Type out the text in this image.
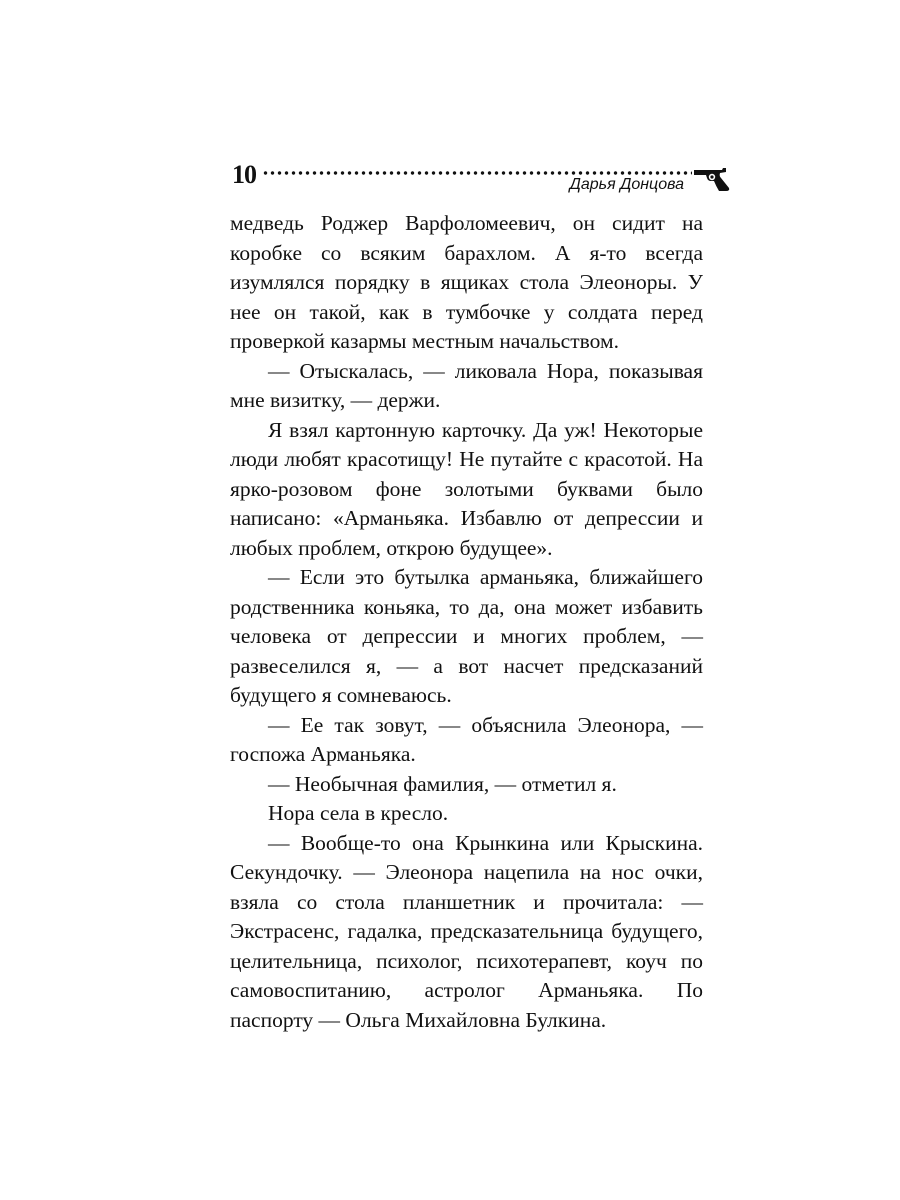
10	Дарья Донцова

медведь Роджер Варфоломеевич, он сидит на коробке со всяким барахлом. А я-то всегда изумлялся порядку в ящиках стола Элеоноры. У нее он такой, как в тумбочке у солдата перед проверкой казармы местным начальством.

— Отыскалась, — ликовала Нора, показывая мне визитку, — держи.

Я взял картонную карточку. Да уж! Некоторые люди любят красотищу! Не путайте с красотой. На ярко-розовом фоне золотыми буквами было написано: «Арманьяка. Избавлю от депрессии и любых проблем, открою будущее».

— Если это бутылка арманьяка, ближайшего родственника коньяка, то да, она может избавить человека от депрессии и многих проблем, — развеселился я, — а вот насчет предсказаний будущего я сомневаюсь.

— Ее так зовут, — объяснила Элеонора, — госпожа Арманьяка.

— Необычная фамилия, — отметил я.

Нора села в кресло.

— Вообще-то она Крынкина или Крыскина. Секундочку. — Элеонора нацепила на нос очки, взяла со стола планшетник и прочитала: — Экстрасенс, гадалка, предсказательница будущего, целительница, психолог, психотерапевт, коуч по самовоспитанию, астролог Арманьяка. По паспорту — Ольга Михайловна Булкина.
